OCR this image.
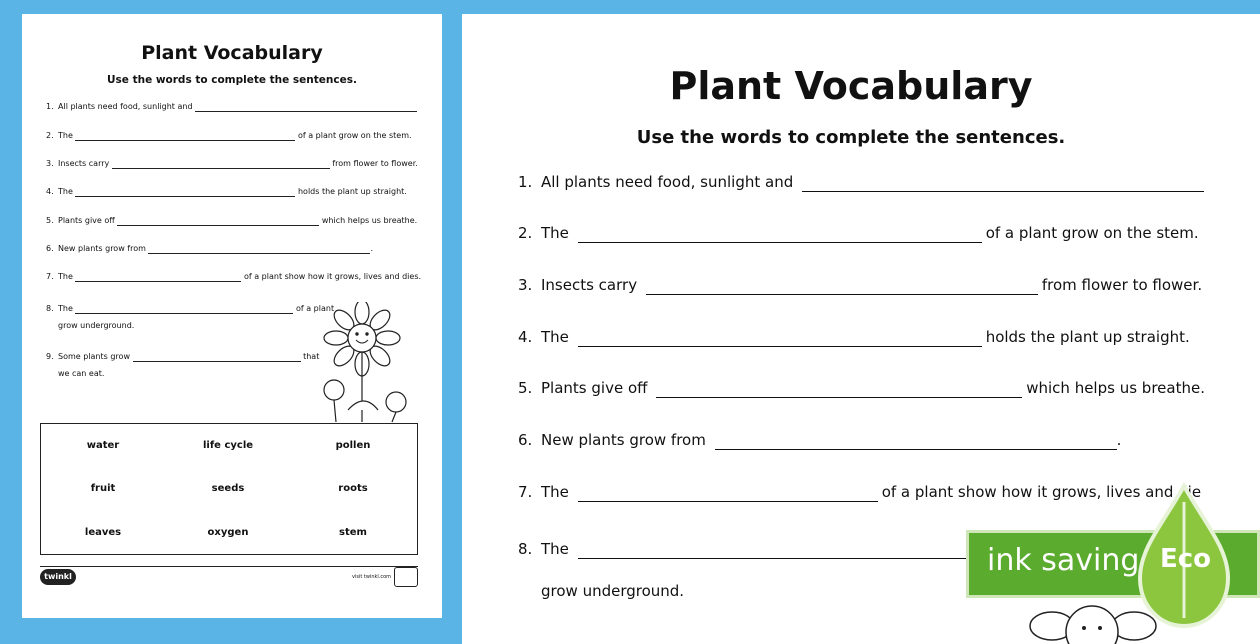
Plant Vocabulary
Use the words to complete the sentences.
1. All plants need food, sunlight and
2. The	of a plant grow on the stem.
3. Insects carry	from flower to flower.
4. The	holds the plant up straight.
5. Plants give off	which helps us breathe.
6. New plants grow from	.
7. The	of a plant show how it grows, lives and dies.
8. The	of a plant
grow underground.
9. Some plants grow	that
we can eat.
water	life cycle	pollen
fruit	seeds	roots
leaves	oxygen	stem
twinkl	visit twinkl.com
Plant Vocabulary
Use the words to complete the sentences.
1. All plants need food, sunlight and
2. The	of a plant grow on the stem.
3. Insects carry	from flower to flower.
4. The	holds the plant up straight.
5. Plants give off	which helps us breathe.
6. New plants grow from	.
7. The	of a plant show how it grows, lives and die
8. The
grow underground.
ink saving Eco
